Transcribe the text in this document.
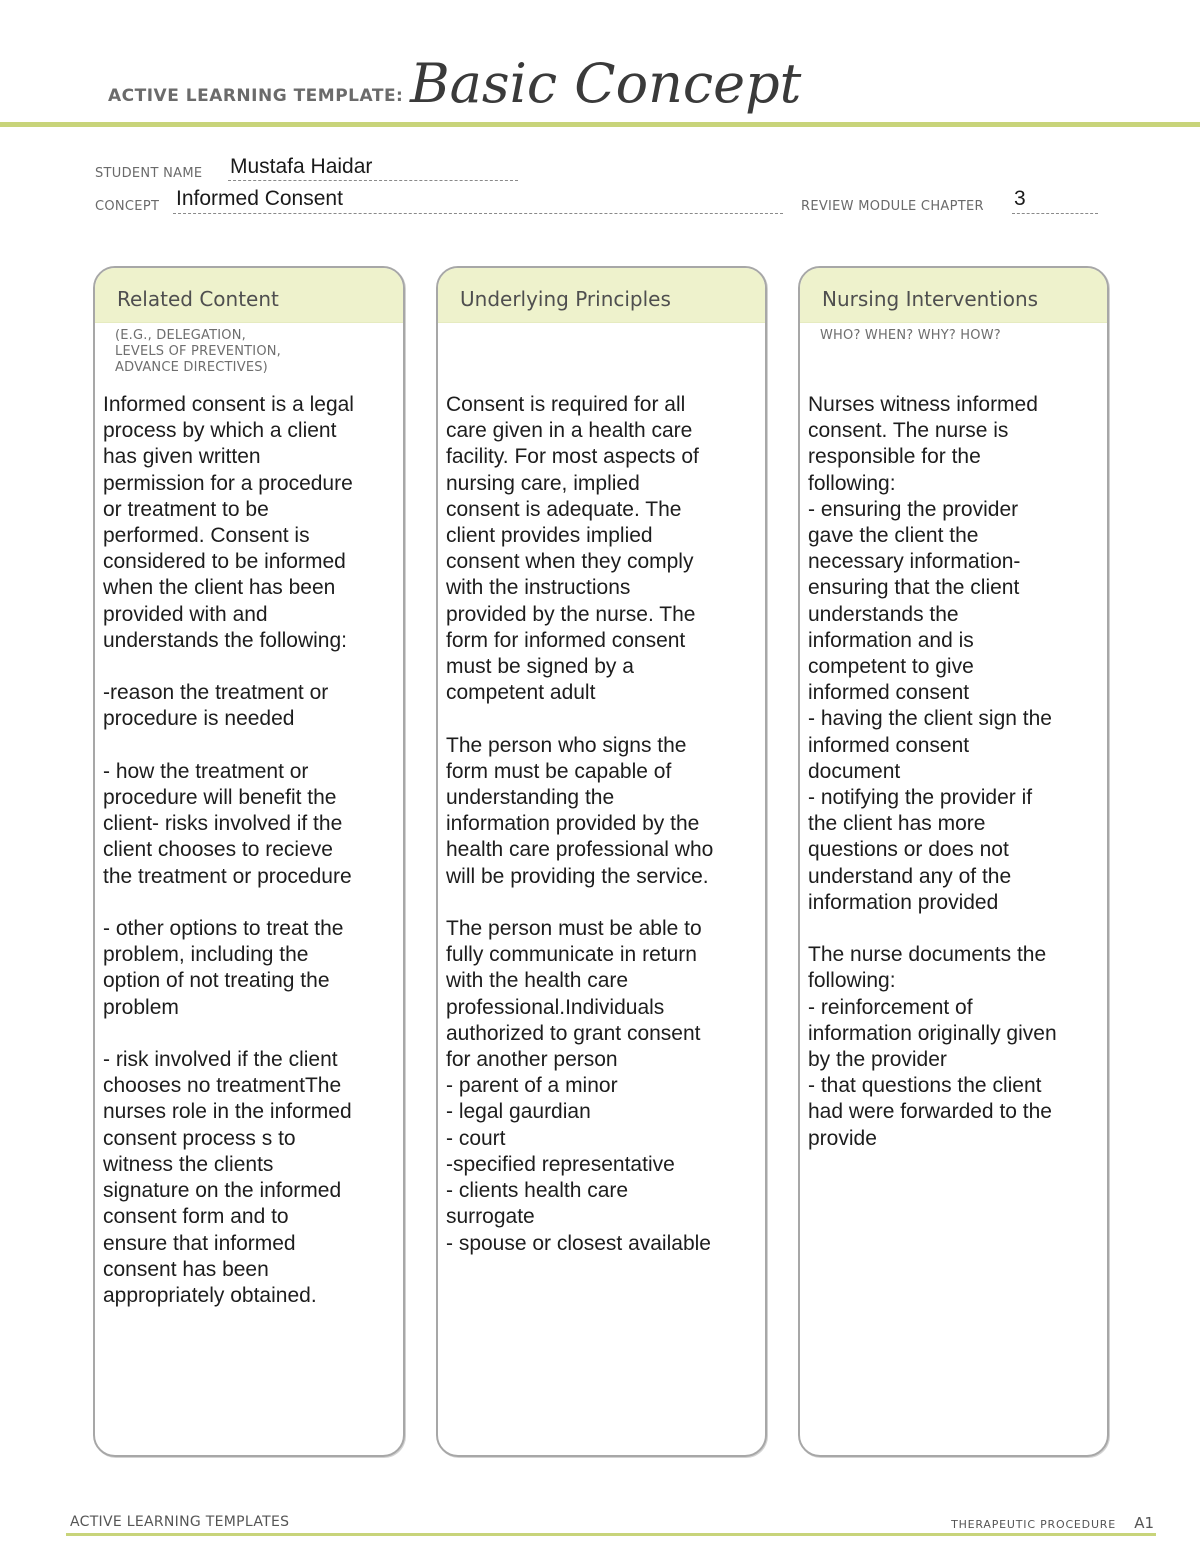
ACTIVE LEARNING TEMPLATE: Basic Concept
STUDENT NAME Mustafa Haidar
CONCEPT Informed Consent	REVIEW MODULE CHAPTER 3
Related Content
(E.G., DELEGATION,
LEVELS OF PREVENTION,
ADVANCE DIRECTIVES)
Informed consent is a legal
process by which a client
has given written
permission for a procedure
or treatment to be
performed. Consent is
considered to be informed
when the client has been
provided with and
understands the following:

-reason the treatment or
procedure is needed

- how the treatment or
procedure will benefit the
client- risks involved if the
client chooses to recieve
the treatment or procedure

- other options to treat the
problem, including the
option of not treating the
problem

- risk involved if the client
chooses no treatmentThe
nurses role in the informed
consent process s to
witness the clients
signature on the informed
consent form and to
ensure that informed
consent has been
appropriately obtained.
Underlying Principles
Consent is required for all
care given in a health care
facility. For most aspects of
nursing care, implied
consent is adequate. The
client provides implied
consent when they comply
with the instructions
provided by the nurse. The
form for informed consent
must be signed by a
competent adult

The person who signs the
form must be capable of
understanding the
information provided by the
health care professional who
will be providing the service.

The person must be able to
fully communicate in return
with the health care
professional.Individuals
authorized to grant consent
for another person
- parent of a minor
- legal gaurdian
- court
-specified representative
- clients health care
surrogate
- spouse or closest available
Nursing Interventions
WHO? WHEN? WHY? HOW?
Nurses witness informed
consent. The nurse is
responsible for the
following:
- ensuring the provider
gave the client the
necessary information-
ensuring that the client
understands the
information and is
competent to give
informed consent
- having the client sign the
informed consent
document
- notifying the provider if
the client has more
questions or does not
understand any of the
information provided

The nurse documents the
following:
- reinforcement of
information originally given
by the provider
- that questions the client
had were forwarded to the
provide
ACTIVE LEARNING TEMPLATES	THERAPEUTIC PROCEDURE A1
